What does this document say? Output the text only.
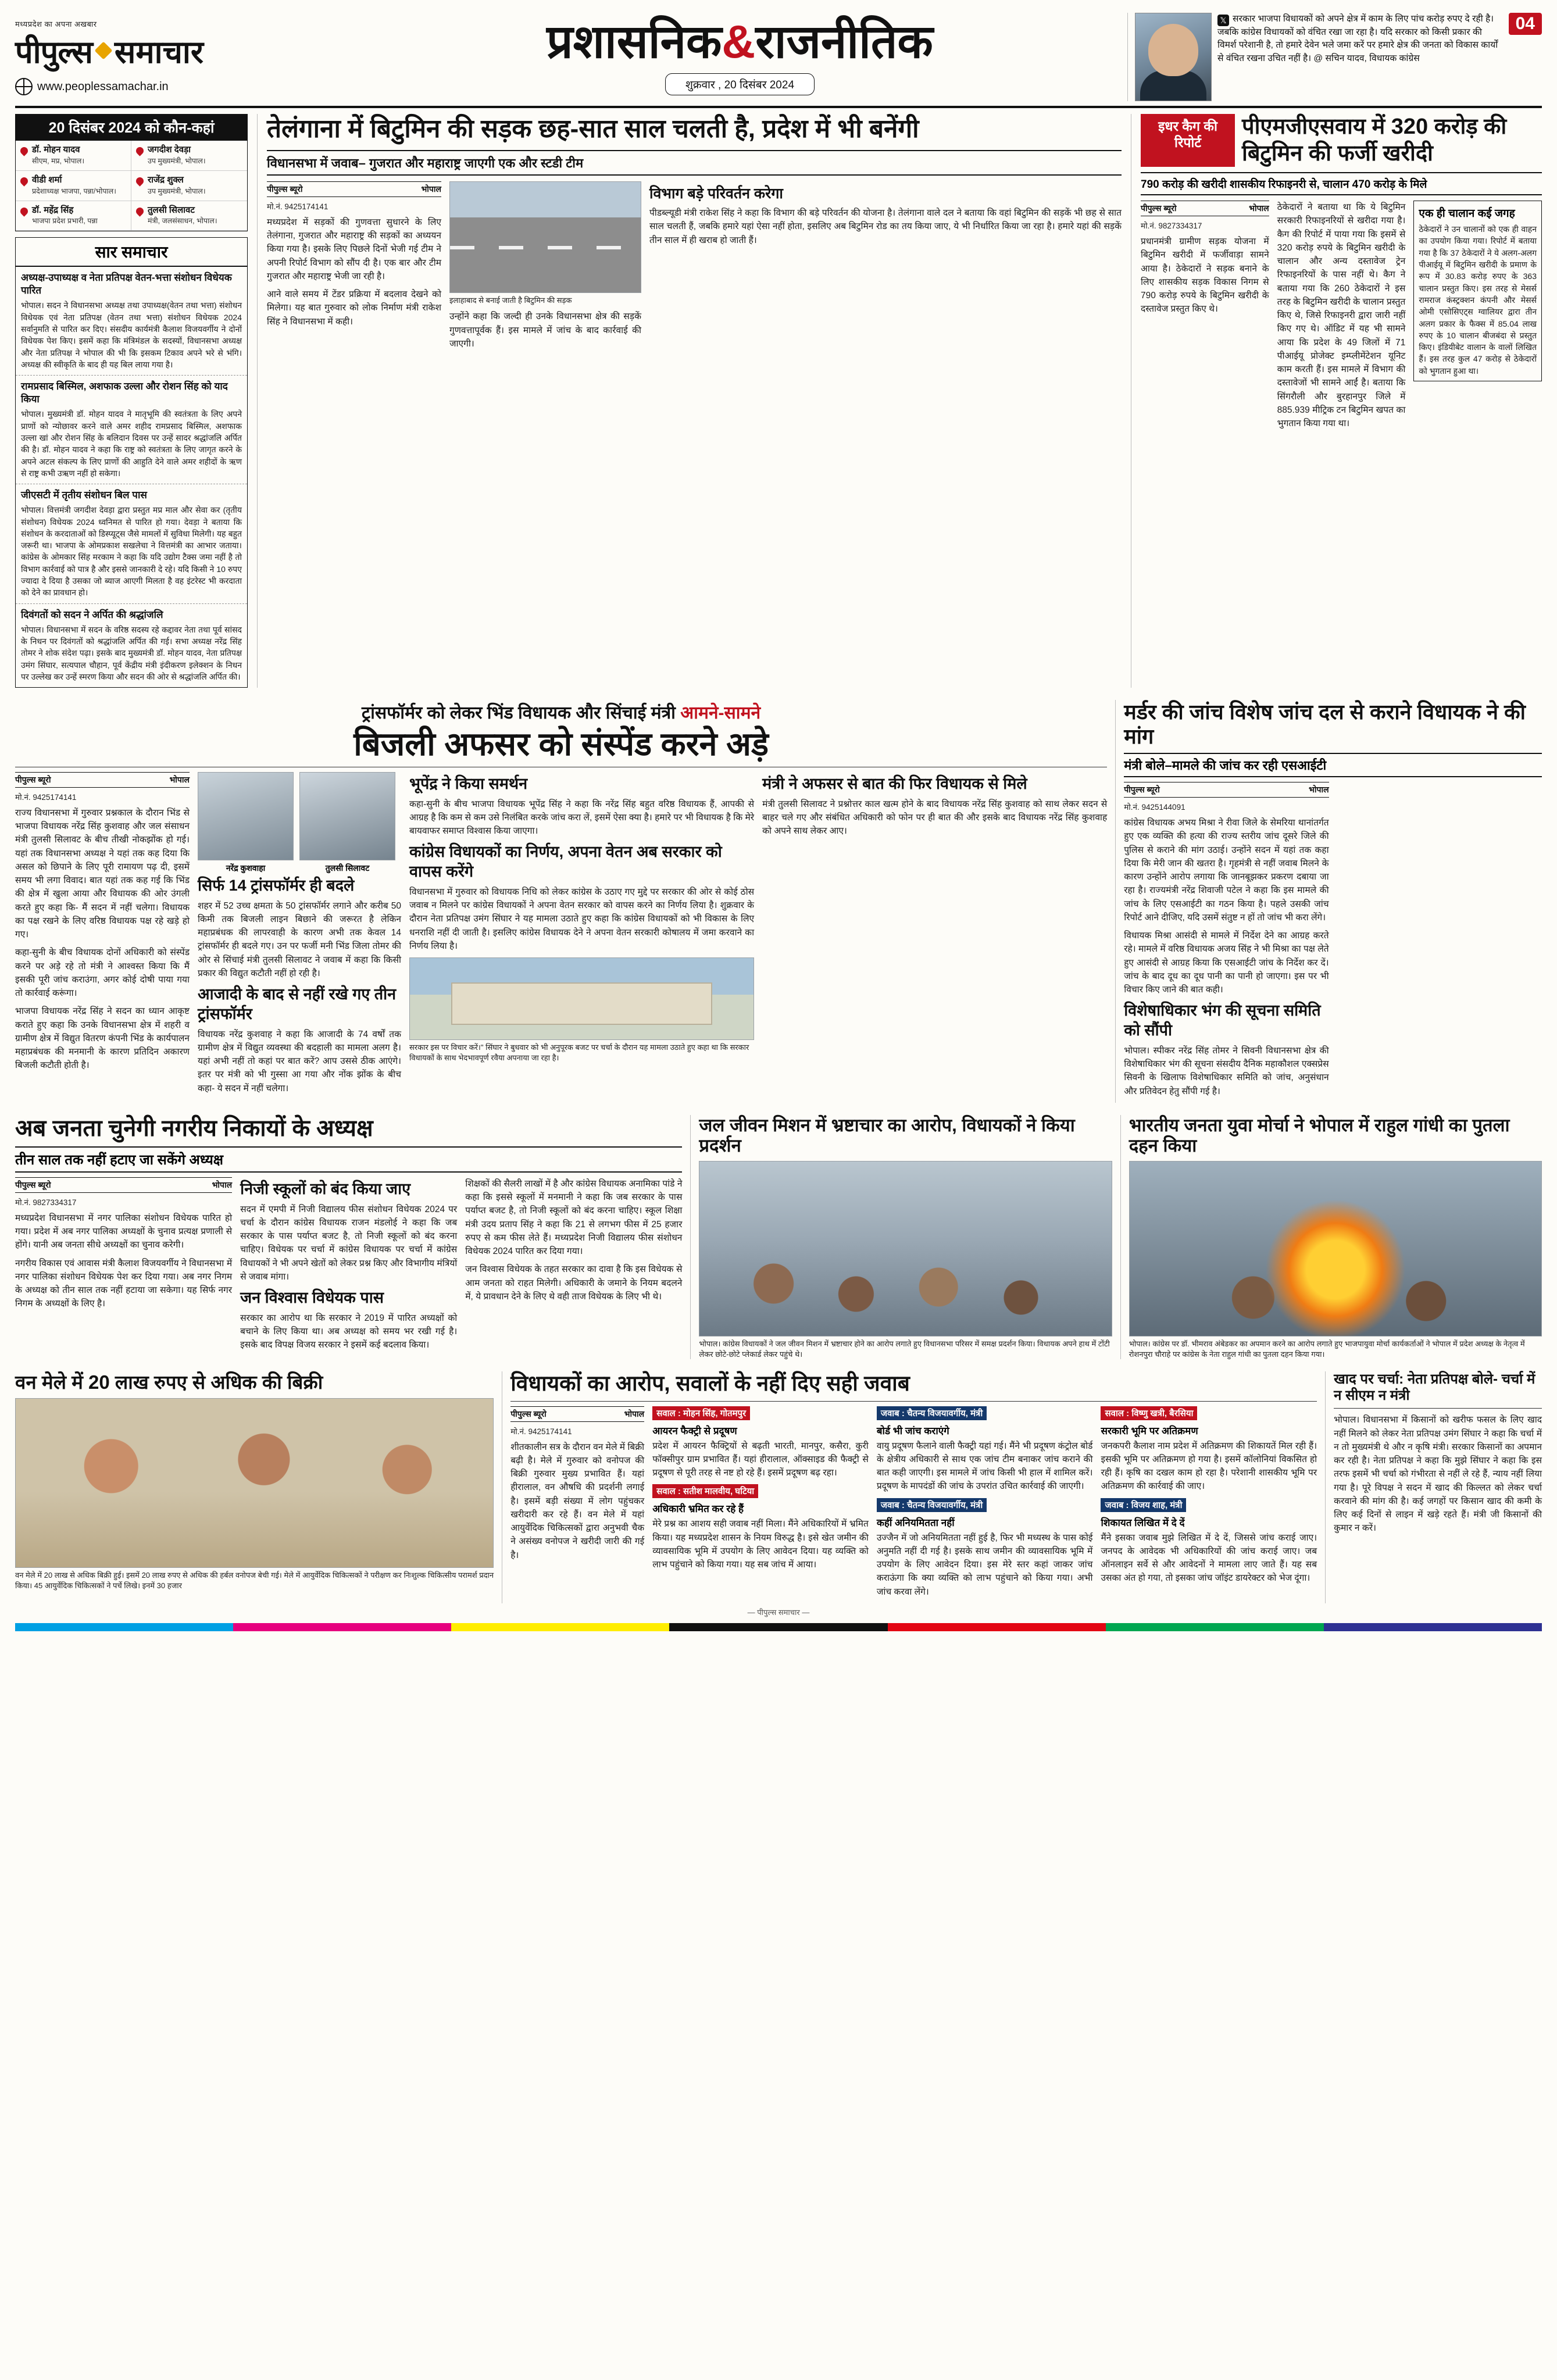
मध्यप्रदेश का अपना अखबार
पीपुल्स समाचार
www.peoplessamachar.in
प्रशासनिक&राजनीतिक
शुक्रवार , 20 दिसंबर 2024
𝕏 सरकार भाजपा विधायकों को अपने क्षेत्र में काम के लिए पांच करोड़ रुपए दे रही है। जबकि कांग्रेस विधायकों को वंचित रखा जा रहा है। यदि सरकार को किसी प्रकार की विमर्श परेशानी है, तो हमारे देवेन भले जमा करें पर हमारे क्षेत्र की जनता को विकास कार्यों से वंचित रखना उचित नहीं है। @ सचिन यादव, विधायक कांग्रेस
04
20 दिसंबर 2024 को कौन-कहां
डॉ. मोहन यादव
सीएम, मप्र, भोपाल।
जगदीश देवड़ा
उप मुख्यमंत्री, भोपाल।
वीडी शर्मा
प्रदेशाध्यक्ष भाजपा, पन्ना/भोपाल।
राजेंद्र शुक्ल
उप मुख्यमंत्री, भोपाल।
डॉ. महेंद्र सिंह
भाजपा प्रदेश प्रभारी, पन्ना
तुलसी सिलावट
मंत्री, जलसंसाधन, भोपाल।
सार समाचार
अध्यक्ष-उपाध्यक्ष व नेता प्रतिपक्ष वेतन-भत्ता संशोधन विधेयक पारित
भोपाल। सदन ने विधानसभा अध्यक्ष तथा उपाध्यक्ष(वेतन तथा भत्ता) संशोधन विधेयक एवं नेता प्रतिपक्ष (वेतन तथा भत्ता) संशोधन विधेयक 2024 सर्वानुमति से पारित कर दिए। संसदीय कार्यमंत्री कैलाश विजयवर्गीय ने दोनों विधेयक पेश किए। इसमें कहा कि मंत्रिमंडल के सदस्यों, विधानसभा अध्यक्ष और नेता प्रतिपक्ष ने भोपाल की भी कि इसकम टिकाव अपने भरे से भंगि। अध्यक्ष की स्वीकृति के बाद ही यह बिल लाया गया है।
रामप्रसाद बिस्मिल, अशफाक उल्ला और रोशन सिंह को याद किया
भोपाल। मुख्यमंत्री डॉ. मोहन यादव ने मातृभूमि की स्वतंत्रता के लिए अपने प्राणों को न्योछावर करने वाले अमर शहीद रामप्रसाद बिस्मिल, अशफाक उल्ला खां और रोशन सिंह के बलिदान दिवस पर उन्हें सादर श्रद्धांजलि अर्पित की है। डॉ. मोहन यादव ने कहा कि राष्ट्र को स्वतंत्रता के लिए जागृत करने के अपने अटल संकल्प के लिए प्राणों की आहुति देने वाले अमर शहीदों के ऋण से राष्ट्र कभी उऋण नहीं हो सकेगा।
जीएसटी में तृतीय संशोधन बिल पास
भोपाल। वित्तमंत्री जगदीश देवड़ा द्वारा प्रस्तुत मप्र माल और सेवा कर (तृतीय संशोधन) विधेयक 2024 ध्वनिमत से पारित हो गया। देवड़ा ने बताया कि संशोधन के करदाताओं को डिस्प्यूट्स जैसे मामलों में सुविधा मिलेगी। यह बहुत जरूरी था। भाजपा के ओमप्रकाश सखलेचा ने वित्तमंत्री का आभार जताया। कांग्रेस के ओमकार सिंह मरकाम ने कहा कि यदि उद्योग टैक्स जमा नहीं है तो विभाग कार्रवाई को पात्र है और इससे जानकारी दे रहे। यदि किसी ने 10 रुपए ज्यादा दे दिया है उसका जो ब्याज आएगी मिलता है वह इंटरेस्ट भी करदाता को देने का प्रावधान हो।
दिवंगतों को सदन ने अर्पित की श्रद्धांजलि
भोपाल। विधानसभा में सदन के वरिष्ठ सदस्य रहे कद्दावर नेता तथा पूर्व सांसद के निधन पर दिवंगतों को श्रद्धांजलि अर्पित की गई। सभा अध्यक्ष नरेंद्र सिंह तोमर ने शोक संदेश पढ़ा। इसके बाद मुख्यमंत्री डॉ. मोहन यादव, नेता प्रतिपक्ष उमंग सिंघार, सत्यपाल चौहान, पूर्व केंद्रीय मंत्री इंदीकरण इलेक्शन के निधन पर उल्लेख कर उन्हें स्मरण किया और सदन की ओर से श्रद्धांजलि अर्पित की।
तेलंगाना में बिटुमिन की सड़क छह-सात साल चलती है, प्रदेश में भी बनेंगी
विधानसभा में जवाब– गुजरात और महाराष्ट्र जाएगी एक और स्टडी टीम
पीपुल्स ब्यूरो	भोपाल
मो.नं. 9425174141

मध्यप्रदेश में सड़कों की गुणवत्ता सुधारने के लिए तेलंगाना, गुजरात और महाराष्ट्र की सड़कों का अध्ययन किया गया है। इसके लिए पिछले दिनों भेजी गई टीम ने अपनी रिपोर्ट विभाग को सौंप दी है। एक बार और टीम गुजरात और महाराष्ट्र भेजी जा रही है।

आने वाले समय में टेंडर प्रक्रिया में बदलाव देखने को मिलेगा। यह बात गुरुवार को लोक निर्माण मंत्री राकेश सिंह ने विधानसभा में कही।

इलाहाबाद से बनाई जाती है बिटुमिन की सड़क

उन्होंने कहा कि जल्दी ही उनके विधानसभा क्षेत्र की सड़कें गुणवत्तापूर्वक हैं। इस मामले में जांच के बाद कार्रवाई की जाएगी।

विभाग बड़े परिवर्तन करेगा

पीडब्ल्यूडी मंत्री राकेश सिंह ने कहा कि विभाग की बड़े परिवर्तन की योजना है। तेलंगाना वाले दल ने बताया कि वहां बिटुमिन की सड़कें भी छह से सात साल चलती हैं, जबकि हमारे यहां ऐसा नहीं होता, इसलिए अब बिटुमिन रोड का तय किया जाए, ये भी निर्धारित किया जा रहा है। हमारे यहां की सड़कें तीन साल में ही खराब हो जाती हैं।

इधर कैग की रिपोर्ट
पीएमजीएसवाय में 320 करोड़ की बिटुमिन की फर्जी खरीदी
790 करोड़ की खरीदी शासकीय रिफाइनरी से, चालान 470 करोड़ के मिले
पीपुल्स ब्यूरो	भोपाल
मो.नं. 9827334317

प्रधानमंत्री ग्रामीण सड़क योजना में बिटुमिन खरीदी में फर्जीवाड़ा सामने आया है। ठेकेदारों ने सड़क बनाने के लिए शासकीय सड़क विकास निगम से 790 करोड़ रुपये के बिटुमिन खरीदी के दस्तावेज प्रस्तुत किए थे।

ठेकेदारों ने बताया था कि ये बिटुमिन सरकारी रिफाइनरियों से खरीदा गया है। कैग की रिपोर्ट में पाया गया कि इसमें से 320 करोड़ रुपये के बिटुमिन खरीदी के चालान और अन्य दस्तावेज ट्रेन रिफाइनरियों के पास नहीं थे। कैग ने बताया गया कि 260 ठेकेदारों ने इस तरह के बिटुमिन खरीदी के चालान प्रस्तुत किए थे, जिसे रिफाइनरी द्वारा जारी नहीं किए गए थे। ऑडिट में यह भी सामने आया कि प्रदेश के 49 जिलों में 71 पीआईयू प्रोजेक्ट इम्प्लीमेंटेशन यूनिट काम करती हैं। इस मामले में विभाग की दस्तावेजों भी सामने आईं है। बताया कि सिंगरौली और बुरहानपुर जिले में 885.939 मीट्रिक टन बिटुमिन खपत का भुगतान किया गया था।

एक ही चालान कई जगह
ठेकेदारों ने उन चालानों को एक ही वाहन का उपयोग किया गया। रिपोर्ट में बताया गया है कि 37 ठेकेदारों ने ये अलग-अलग पीआईयू में बिटुमिन खरीदी के प्रमाण के रूप में 30.83 करोड़ रुपए के 363 चालान प्रस्तुत किए। इस तरह से मेसर्स रामराज कंस्ट्रक्शन कंपनी और मेसर्स ओमी एसोसिएट्स ग्वालियर द्वारा तीन अलग प्रकार के फैक्स में 85.04 लाख रुपए के 10 चालान बीजबंदा से प्रस्तुत किए। इंडियीबेट वालान के वालों लिखित हैं। इस तरह कुल 47 करोड़ से ठेकेदारों को भुगतान हुआ था।
ट्रांसफॉर्मर को लेकर भिंड विधायक और सिंचाई मंत्री आमने-सामने
बिजली अफसर को संस्पेंड करने अड़े
पीपुल्स ब्यूरो	भोपाल
मो.नं. 9425174141

राज्य विधानसभा में गुरुवार प्रश्नकाल के दौरान भिंड से भाजपा विधायक नरेंद्र सिंह कुशवाह और जल संसाधन मंत्री तुलसी सिलावट के बीच तीखी नोकझोंक हो गई। यहां तक विधानसभा अध्यक्ष ने यहां तक कह दिया कि असल को छिपाने के लिए पूरी रामायण पढ़ दी, इसमें समय भी लगा विवाद। बात यहां तक कह गई कि भिंड की क्षेत्र में खुला आया और विधायक की ओर उंगली करते हुए कहा कि- मैं सदन में नहीं चलेगा। विधायक का पक्ष रखने के लिए वरिष्ठ विधायक पक्ष रहे खड़े हो गए।

कहा-सुनी के बीच विधायक दोनों अधिकारी को संस्पेंड करने पर अड़े रहे तो मंत्री ने आश्वस्त किया कि मैं इसकी पूरी जांच कराउंगा, अगर कोई दोषी पाया गया तो कार्रवाई करूंगा।

भाजपा विधायक नरेंद्र सिंह ने सदन का ध्यान आकृष्ट कराते हुए कहा कि उनके विधानसभा क्षेत्र में शहरी व ग्रामीण क्षेत्र में विद्युत वितरण कंपनी भिंड के कार्यपालन महाप्रबंधक की मनमानी के कारण प्रतिदिन अकारण बिजली कटौती होती है।

नरेंद्र कुशवाहा	तुलसी सिलावट
सिर्फ 14 ट्रांसफॉर्मर ही बदले

शहर में 52 उच्च क्षमता के 50 ट्रांसफॉर्मर लगाने और करीब 50 किमी तक बिजली लाइन बिछाने की जरूरत है लेकिन महाप्रबंधक की लापरवाही के कारण अभी तक केवल 14 ट्रांसफॉर्मर ही बदले गए। उन पर फर्जी मनी भिंड जिला तोमर की ओर से सिंचाई मंत्री तुलसी सिलावट ने जवाब में कहा कि किसी प्रकार की विद्युत कटौती नहीं हो रही है।

आजादी के बाद से नहीं रखे गए तीन ट्रांसफॉर्मर

विधायक नरेंद्र कुशवाह ने कहा कि आजादी के 74 वर्षों तक ग्रामीण क्षेत्र में विद्युत व्यवस्था की बदहाली का मामला अलग है। यहां अभी नहीं तो कहां पर बात करें? आप उससे ठीक आएंगे। इतर पर मंत्री को भी गुस्सा आ गया और नोंक झोंक के बीच कहा- ये सदन में नहीं चलेगा।

भूपेंद्र ने किया समर्थन

कहा-सुनी के बीच भाजपा विधायक भूपेंद्र सिंह ने कहा कि नरेंद्र सिंह बहुत वरिष्ठ विधायक हैं, आपकी से आग्रह है कि कम से कम उसे निलंबित करके जांच करा लें, इसमें ऐसा क्या है। हमारे पर भी विधायक है कि मेरे बायवाफर समाप्त विश्वास किया जाएगा।

कांग्रेस विधायकों का निर्णय, अपना वेतन अब सरकार को वापस करेंगे

विधानसभा में गुरुवार को विधायक निधि को लेकर कांग्रेस के उठाए गए मुद्दे पर सरकार की ओर से कोई ठोस जवाब न मिलने पर कांग्रेस विधायकों ने अपना वेतन सरकार को वापस करने का निर्णय लिया है। शुक्रवार के दौरान नेता प्रतिपक्ष उमंग सिंघार ने यह मामला उठाते हुए कहा कि कांग्रेस विधायकों को भी विकास के लिए धनराशि नहीं दी जाती है। इसलिए कांग्रेस विधायक देने ने अपना वेतन सरकारी कोषालय में जमा करवाने का निर्णय लिया है।

सरकार इस पर विचार करें।" सिंघार ने बुधवार को भी अनुपूरक बजट पर चर्चा के दौरान यह मामला उठाते हुए कहा था कि सरकार विधायकों के साथ भेदभावपूर्ण रवैया अपनाया जा रहा है।
मंत्री ने अफसर से बात की फिर विधायक से मिले

मंत्री तुलसी सिलावट ने प्रश्नोत्तर काल खत्म होने के बाद विधायक नरेंद्र सिंह कुशवाह को साथ लेकर सदन से बाहर चले गए और संबंधित अधिकारी को फोन पर ही बात की और इसके बाद विधायक नरेंद्र सिंह कुशवाह को अपने साथ लेकर आए।

मर्डर की जांच विशेष जांच दल से कराने विधायक ने की मांग
मंत्री बोले–मामले की जांच कर रही एसआईटी
पीपुल्स ब्यूरो	भोपाल
मो.नं. 9425144091

कांग्रेस विधायक अभय मिश्रा ने रीवा जिले के सेमरिया थानांतर्गत हुए एक व्यक्ति की हत्या की राज्य स्तरीय जांच दूसरे जिले की पुलिस से कराने की मांग उठाई। उन्होंने सदन में यहां तक कहा दिया कि मेरी जान की खतरा है। गृहमंत्री से नहीं जवाब मिलने के कारण उन्होंने आरोप लगाया कि जानबूझकर प्रकरण दबाया जा रहा है। राज्यमंत्री नरेंद्र शिवाजी पटेल ने कहा कि इस मामले की जांच के लिए एसआईटी का गठन किया है। पहले उसकी जांच रिपोर्ट आने दीजिए, यदि उसमें संतुष्ट न हों तो जांच भी करा लेंगे।

विधायक मिश्रा आसंदी से मामले में निर्देश देने का आग्रह करते रहे। मामले में वरिष्ठ विधायक अजय सिंह ने भी मिश्रा का पक्ष लेते हुए आसंदी से आग्रह किया कि एसआईटी जांच के निर्देश कर दें। जांच के बाद दूध का दूध पानी का पानी हो जाएगा। इस पर भी विचार किए जाने की बात कही।

विशेषाधिकार भंग की सूचना समिति को सौंपी

भोपाल। स्पीकर नरेंद्र सिंह तोमर ने सिवनी विधानसभा क्षेत्र की विशेषाधिकार भंग की सूचना संसदीय दैनिक महाकौशल एक्सप्रेस सिवनी के खिलाफ विशेषाधिकार समिति को जांच, अनुसंधान और प्रतिवेदन हेतु सौंपी गई है।

अब जनता चुनेगी नगरीय निकायों के अध्यक्ष
तीन साल तक नहीं हटाए जा सकेंगे अध्यक्ष
पीपुल्स ब्यूरो	भोपाल
मो.नं. 9827334317

मध्यप्रदेश विधानसभा में नगर पालिका संशोधन विधेयक पारित हो गया। प्रदेश में अब नगर पालिका अध्यक्षों के चुनाव प्रत्यक्ष प्रणाली से होंगे। यानी अब जनता सीधे अध्यक्षों का चुनाव करेगी।

नगरीय विकास एवं आवास मंत्री कैलाश विजयवर्गीय ने विधानसभा में नगर पालिका संशोधन विधेयक पेश कर दिया गया। अब नगर निगम के अध्यक्ष को तीन साल तक नहीं हटाया जा सकेगा। यह सिर्फ नगर निगम के अध्यक्षों के लिए है।

निजी स्कूलों को बंद किया जाए

सदन में एमपी में निजी विद्यालय फीस संशोधन विधेयक 2024 पर चर्चा के दौरान कांग्रेस विधायक राजन मंडलोई ने कहा कि जब सरकार के पास पर्याप्त बजट है, तो निजी स्कूलों को बंद करना चाहिए। विधेयक पर चर्चा में कांग्रेस विधायक पर चर्चा में कांग्रेस विधायकों ने भी अपने खेतों को लेकर प्रश्न किए और विभागीय मंत्रियों से जवाब मांगा।

जन विश्वास विधेयक पास

सरकार का आरोप था कि सरकार ने 2019 में पारित अध्यक्षों को बचाने के लिए किया था। अब अध्यक्ष को समय भर रखी गई है। इसके बाद विपक्ष विजय सरकार ने इसमें कई बदलाव किया।

शिक्षकों की सैलरी लाखों में है और कांग्रेस विधायक अनामिका पांडे ने कहा कि इससे स्कूलों में मनमानी ने कहा कि जब सरकार के पास पर्याप्त बजट है, तो निजी स्कूलों को बंद करना चाहिए। स्कूल शिक्षा मंत्री उदय प्रताप सिंह ने कहा कि 21 से लगभग फीस में 25 हजार रुपए से कम फीस लेते हैं। मध्यप्रदेश निजी विद्यालय फीस संशोधन विधेयक 2024 पारित कर दिया गया।

जन विश्वास विधेयक के तहत सरकार का दावा है कि इस विधेयक से आम जनता को राहत मिलेगी। अधिकारी के जमाने के नियम बदलने में, ये प्रावधान देने के लिए थे वही ताज विधेयक के लिए भी थे।

जल जीवन मिशन में भ्रष्टाचार का आरोप, विधायकों ने किया प्रदर्शन
भोपाल। कांग्रेस विधायकों ने जल जीवन मिशन में भ्रष्टाचार होने का आरोप लगाते हुए विधानसभा परिसर में समक्ष प्रदर्शन किया। विधायक अपने हाथ में टोंटी लेकर छोटे-छोटे प्लेकार्ड लेकर पहुंचे थे।
भारतीय जनता युवा मोर्चा ने भोपाल में राहुल गांधी का पुतला दहन किया
भोपाल। कांग्रेस पर डॉ. भीमराव अंबेडकर का अपमान करने का आरोप लगाते हुए भाजपायुवा मोर्चा कार्यकर्ताओं ने भोपाल में प्रदेश अध्यक्ष के नेतृत्व में रोशनपुरा चौराहे पर कांग्रेस के नेता राहुल गांधी का पुतला दहन किया गया।
वन मेले में 20 लाख रुपए से अधिक की बिक्री
वन मेले में 20 लाख से अधिक बिक्री हुई। इसमें 20 लाख रुपए से अधिक की हर्बल वनोपज बेची गई। मेले में आयुर्वेदिक चिकित्सकों ने परीक्षण कर निःशुल्क चिकित्सीय परामर्श प्रदान किया। 45 आयुर्वेदिक चिकित्सकों ने पर्चे लिखे। इनमें 30 हजार
विधायकों का आरोप, सवालों के नहीं दिए सही जवाब
पीपुल्स ब्यूरो	भोपाल
मो.नं. 9425174141

शीतकालीन सत्र के दौरान वन मेले में बिक्री बढ़ी है। मेले में गुरुवार को वनोपज की बिक्री गुरुवार मुख्य प्रभावित हैं। यहां हीरालाल, वन औषधि की प्रदर्शनी लगाई है। इसमें बड़ी संख्या में लोग पहुंचकर खरीदारी कर रहे हैं। वन मेले में यहां आयुर्वेदिक चिकित्सकों द्वारा अनुभवी चैक ने असंख्य वनोपज ने खरीदी जारी की गई है।

सवाल : मोहन सिंह, गोतमपुर
आयरन फैक्ट्री से प्रदूषण

प्रदेश में आयरन फैक्ट्रियों से बढ़ती भारती, मानपुर, कसैरा, कुरी फॉक्सीपुर ग्राम प्रभावित हैं। यहां हीरालाल, ऑक्साइड की फैक्ट्री से प्रदूषण से पूरी तरह से नष्ट हो रहे हैं। इसमें प्रदूषण बढ़ रहा।

सवाल : सतीश मालवीय, घटिया
अधिकारी भ्रमित कर रहे हैं

मेरे प्रश्न का आशय सही जवाब नहीं मिला। मैंने अधिकारियों में भ्रमित किया। यह मध्यप्रदेश शासन के नियम विरुद्ध है। इसे खेत जमीन की व्यावसायिक भूमि में उपयोग के लिए आवेदन दिया। यह व्यक्ति को लाभ पहुंचाने को किया गया। यह सब जांच में आया।

जवाब : चैतन्य विजयावर्गीय, मंत्री
बोर्ड भी जांच कराएंगे

वायु प्रदूषण फैलाने वाली फैक्ट्री यहां गई। मैंने भी प्रदूषण कंट्रोल बोर्ड के क्षेत्रीय अधिकारी से साथ एक जांच टीम बनाकर जांच कराने की बात कही जाएगी। इस मामले में जांच किसी भी हाल में शामिल करें। प्रदूषण के मापदंडों की जांच के उपरांत उचित कार्रवाई की जाएगी।

जवाब : चैतन्य विजयावर्गीय, मंत्री
कहीं अनियमितता नहीं

उज्जैन में जो अनियमितता नहीं हुई है, फिर भी मध्यस्थ के पास कोई अनुमति नहीं दी गई है। इसके साथ जमीन की व्यावसायिक भूमि में उपयोग के लिए आवेदन दिया। इस मेरे स्तर कहां जाकर जांच कराऊंगा कि क्या व्यक्ति को लाभ पहुंचाने को किया गया। अभी जांच करवा लेंगे।

सवाल : विष्णु खत्री, बैरसिया
सरकारी भूमि पर अतिक्रमण

जनकपरी कैलाश नाम प्रदेश में अतिक्रमण की शिकायतें मिल रही हैं। इसकी भूमि पर अतिक्रमण हो गया है। इसमें कॉलोनियां विकसित हो रही हैं। कृषि का दखल काम हो रहा है। परेशानी शासकीय भूमि पर अतिक्रमण की कार्रवाई की जाए।

जवाब : विजय शाह, मंत्री
शिकायत लिखित में दे दें

मैंने इसका जवाब मुझे लिखित में दे दें, जिससे जांच कराई जाए। जनपद के आवेदक भी अधिकारियों की जांच कराई जाए। जब ऑनलाइन सर्वे से और आवेदनों ने मामला लाए जाते हैं। यह सब उसका अंत हो गया, तो इसका जांच जॉइंट डायरेक्टर को भेज दूंगा।

खाद पर चर्चा: नेता प्रतिपक्ष बोले- चर्चा में न सीएम न मंत्री

भोपाल। विधानसभा में किसानों को खरीफ फसल के लिए खाद नहीं मिलने को लेकर नेता प्रतिपक्ष उमंग सिंघार ने कहा कि चर्चा में न तो मुख्यमंत्री थे और न कृषि मंत्री। सरकार किसानों का अपमान कर रही है। नेता प्रतिपक्ष ने कहा कि मुझे सिंघार ने कहा कि इस तरफ इसमें भी चर्चा को गंभीरता से नहीं ले रहे हैं, न्याय नहीं लिया गया है। पूरे विपक्ष ने सदन में खाद की किल्लत को लेकर चर्चा करवाने की मांग की है। कई जगहों पर किसान खाद की कमी के लिए कई दिनों से लाइन में खड़े रहते हैं। मंत्री जी किसानों की कुमार न करें।

— पीपुल्स समाचार —
